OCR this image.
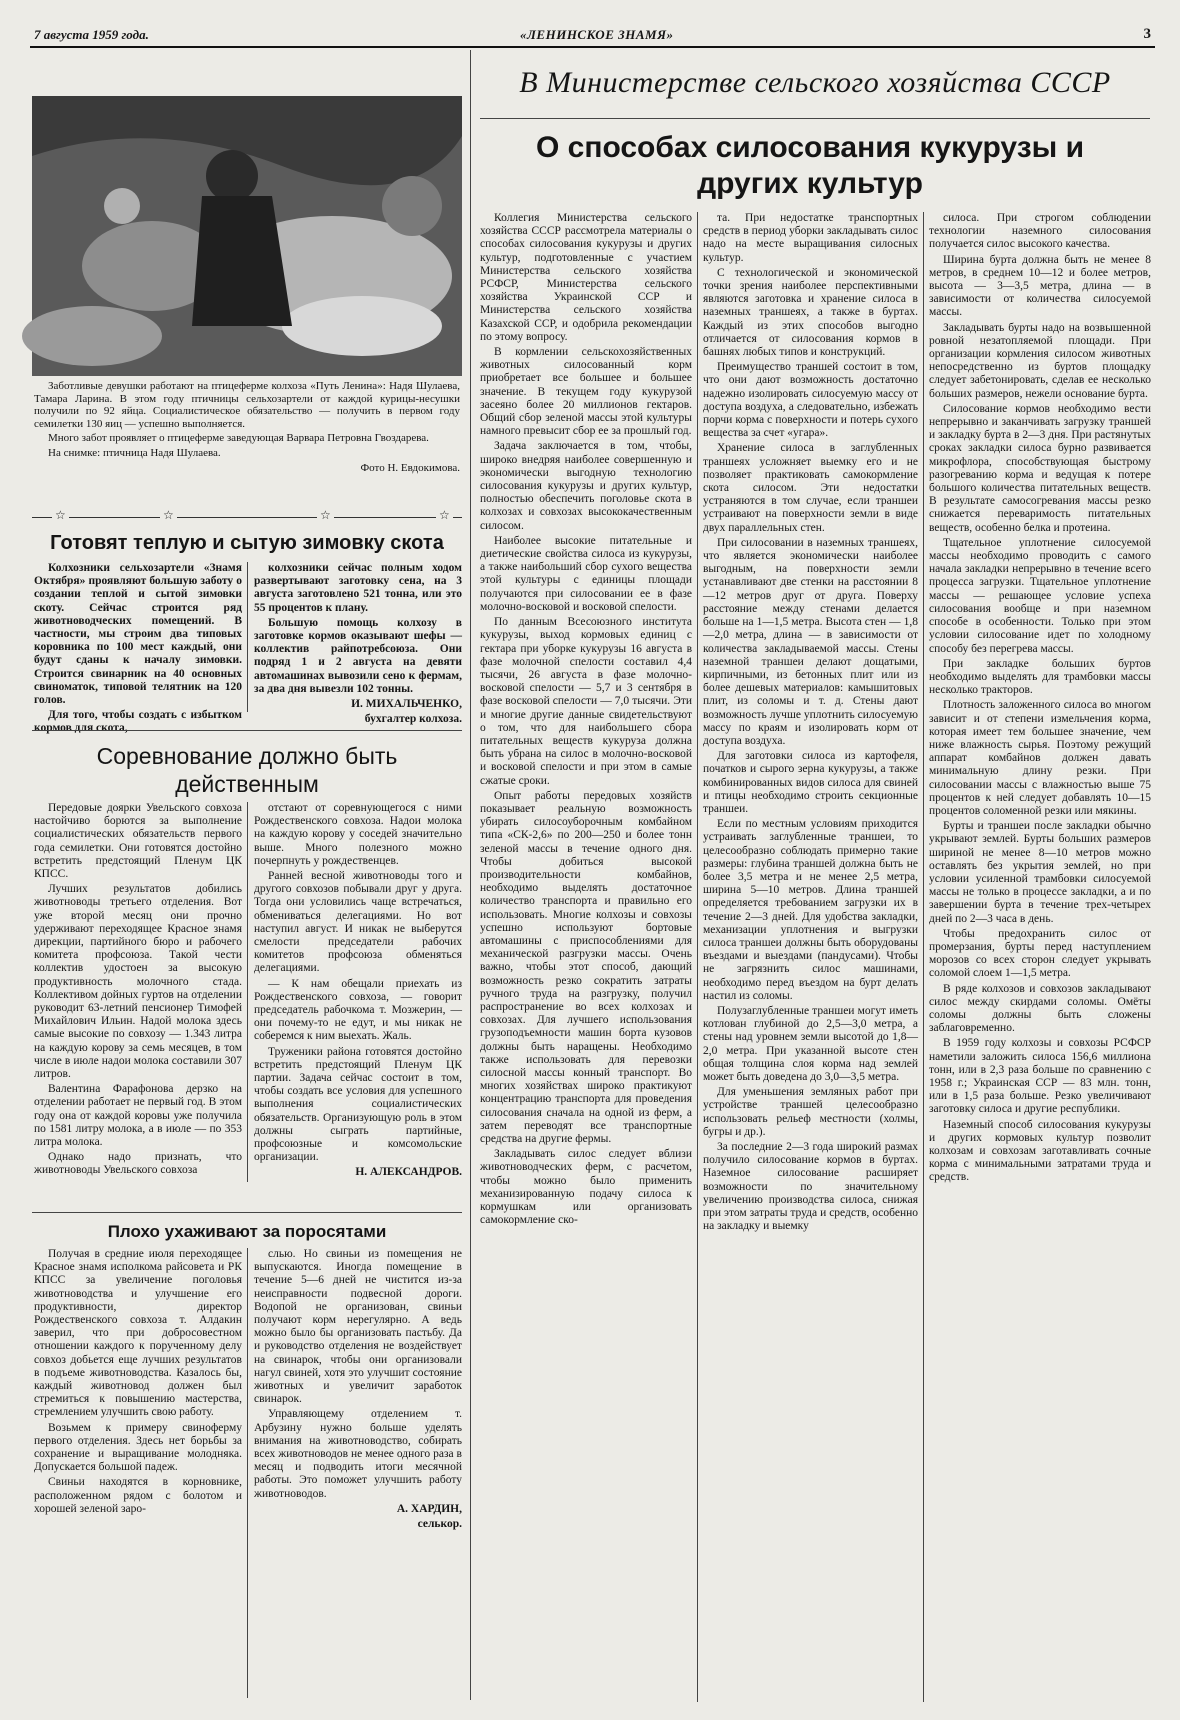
7 августа 1959 года.	«ЛЕНИНСКОЕ ЗНАМЯ»	3

Заботливые девушки работают на птицеферме колхоза «Путь Ленина»: Надя Шулаева, Тамара Ларина. В этом году птичницы сельхозартели от каждой курицы-несушки получили по 92 яйца. Социалистическое обязательство — получить в первом году семилетки 130 яиц — успешно выполняется.

Много забот проявляет о птицеферме заведующая Варвара Петровна Гвоздарева.

На снимке: птичница Надя Шулаева.

Фото Н. Евдокимова.

☆	☆	☆	☆
Готовят теплую и сытую зимовку скота

Колхозники сельхозартели «Знамя Октября» проявляют большую заботу о создании теплой и сытой зимовки скоту. Сейчас строится ряд животноводческих помещений. В частности, мы строим два типовых коровника по 100 мест каждый, они будут сданы к началу зимовки. Строится свинарник на 40 основных свиноматок, типовой телятник на 120 голов.

Для того, чтобы создать с избытком кормов для скота,

колхозники сейчас полным ходом развертывают заготовку сена, на 3 августа заготовлено 521 тонна, или это 55 процентов к плану.

Большую помощь колхозу в заготовке кормов оказывают шефы — коллектив райпотребсоюза. Они подряд 1 и 2 августа на девяти автомашинах вывозили сено к фермам, за два дня вывезли 102 тонны.

И. МИХАЛЬЧЕНКО,

бухгалтер колхоза.

Соревнование должно быть действенным

Передовые доярки Увельского совхоза настойчиво борются за выполнение социалистических обязательств первого года семилетки. Они готовятся достойно встретить предстоящий Пленум ЦК КПСС.

Лучших результатов добились животноводы третьего отделения. Вот уже второй месяц они прочно удерживают переходящее Красное знамя дирекции, партийного бюро и рабочего комитета профсоюза. Такой чести коллектив удостоен за высокую продуктивность молочного стада. Коллективом дойных гуртов на отделении руководит 63-летний пенсионер Тимофей Михайлович Ильин. Надой молока здесь самые высокие по совхозу — 1.343 литра на каждую корову за семь месяцев, в том числе в июле надои молока составили 307 литров.

Валентина Фарафонова дерзко на отделении работает не первый год. В этом году она от каждой коровы уже получила по 1581 литру молока, а в июле — по 353 литра молока.

Однако надо признать, что животноводы Увельского совхоза

отстают от соревнующегося с ними Рождественского совхоза. Надои молока на каждую корову у соседей значительно выше. Много полезного можно почерпнуть у рождественцев.

Ранней весной животноводы того и другого совхозов побывали друг у друга. Тогда они условились чаще встречаться, обмениваться делегациями. Но вот наступил август. И никак не выберутся смелости председатели рабочих комитетов профсоюза обменяться делегациями.

— К нам обещали приехать из Рождественского совхоза, — говорит председатель рабочкома т. Мозжерин, — они почему-то не едут, и мы никак не соберемся к ним выехать. Жаль.

Труженики района готовятся достойно встретить предстоящий Пленум ЦК партии. Задача сейчас состоит в том, чтобы создать все условия для успешного выполнения социалистических обязательств. Организующую роль в этом должны сыграть партийные, профсоюзные и комсомольские организации.

Н. АЛЕКСАНДРОВ.

Плохо ухаживают за поросятами

Получая в средние июля переходящее Красное знамя исполкома райсовета и РК КПСС за увеличение поголовья животноводства и улучшение его продуктивности, директор Рождественского совхоза т. Алдакин заверил, что при добросовестном отношении каждого к порученному делу совхоз добьется еще лучших результатов в подъеме животноводства. Казалось бы, каждый животновод должен был стремиться к повышению мастерства, стремлением улучшить свою работу.

Возьмем к примеру свиноферму первого отделения. Здесь нет борьбы за сохранение и выращивание молодняка. Допускается большой падеж.

Свиньи находятся в корновнике, расположенном рядом с болотом и хорошей зеленой заро-

слью. Но свиньи из помещения не выпускаются. Иногда помещение в течение 5—6 дней не чистится из-за неисправности подвесной дороги. Водопой не организован, свиньи получают корм нерегулярно. А ведь можно было бы организовать пастьбу. Да и руководство отделения не воздействует на свинарок, чтобы они организовали нагул свиней, хотя это улучшит состояние животных и увеличит заработок свинарок.

Управляющему отделением т. Арбузину нужно больше уделять внимания на животноводство, собирать всех животноводов не менее одного раза в месяц и подводить итоги месячной работы. Это поможет улучшить работу животноводов.

А. ХАРДИН,

селькор.

В Министерстве сельского хозяйства СССР
О способах силосования кукурузы и других культур

Коллегия Министерства сельского хозяйства СССР рассмотрела материалы о способах силосования кукурузы и других культур, подготовленные с участием Министерства сельского хозяйства РСФСР, Министерства сельского хозяйства Украинской ССР и Министерства сельского хозяйства Казахской ССР, и одобрила рекомендации по этому вопросу.

В кормлении сельскохозяйственных животных силосованный корм приобретает все большее и большее значение. В текущем году кукурузой засеяно более 20 миллионов гектаров. Общий сбор зеленой массы этой культуры намного превысит сбор ее за прошлый год.

Задача заключается в том, чтобы, широко внедряя наиболее совершенную и экономически выгодную технологию силосования кукурузы и других культур, полностью обеспечить поголовье скота в колхозах и совхозах высококачественным силосом.

Наиболее высокие питательные и диетические свойства силоса из кукурузы, а также наибольший сбор сухого вещества этой культуры с единицы площади получаются при силосовании ее в фазе молочно-восковой и восковой спелости.

По данным Всесоюзного института кукурузы, выход кормовых единиц с гектара при уборке кукурузы 16 августа в фазе молочной спелости составил 4,4 тысячи, 26 августа в фазе молочно-восковой спелости — 5,7 и 3 сентября в фазе восковой спелости — 7,0 тысячи. Эти и многие другие данные свидетельствуют о том, что для наибольшего сбора питательных веществ кукуруза должна быть убрана на силос в молочно-восковой и восковой спелости и при этом в самые сжатые сроки.

Опыт работы передовых хозяйств показывает реальную возможность убирать силосоуборочным комбайном типа «СК-2,6» по 200—250 и более тонн зеленой массы в течение одного дня. Чтобы добиться высокой производительности комбайнов, необходимо выделять достаточное количество транспорта и правильно его использовать. Многие колхозы и совхозы успешно используют бортовые автомашины с приспособлениями для механической разгрузки массы. Очень важно, чтобы этот способ, дающий возможность резко сократить затраты ручного труда на разгрузку, получил распространение во всех колхозах и совхозах. Для лучшего использования грузоподъемности машин борта кузовов должны быть наращены. Необходимо также использовать для перевозки силосной массы конный транспорт. Во многих хозяйствах широко практикуют концентрацию транспорта для проведения силосования сначала на одной из ферм, а затем переводят все транспортные средства на другие фермы.

Закладывать силос следует вблизи животноводческих ферм, с расчетом, чтобы можно было применить механизированную подачу силоса к кормушкам или организовать самокормление ско-

та. При недостатке транспортных средств в период уборки закладывать силос надо на месте выращивания силосных культур.

С технологической и экономической точки зрения наиболее перспективными являются заготовка и хранение силоса в наземных траншеях, а также в буртах. Каждый из этих способов выгодно отличается от силосования кормов в башнях любых типов и конструкций.

Преимущество траншей состоит в том, что они дают возможность достаточно надежно изолировать силосуемую массу от доступа воздуха, а следовательно, избежать порчи корма с поверхности и потерь сухого вещества за счет «угара».

Хранение силоса в заглубленных траншеях усложняет выемку его и не позволяет практиковать самокормление скота силосом. Эти недостатки устраняются в том случае, если траншеи устраивают на поверхности земли в виде двух параллельных стен.

При силосовании в наземных траншеях, что является экономически наиболее выгодным, на поверхности земли устанавливают две стенки на расстоянии 8—12 метров друг от друга. Поверху расстояние между стенами делается больше на 1—1,5 метра. Высота стен — 1,8—2,0 метра, длина — в зависимости от количества закладываемой массы. Стены наземной траншеи делают дощатыми, кирпичными, из бетонных плит или из более дешевых материалов: камышитовых плит, из соломы и т. д. Стены дают возможность лучше уплотнить силосуемую массу по краям и изолировать корм от доступа воздуха.

Для заготовки силоса из картофеля, початков и сырого зерна кукурузы, а также комбинированных видов силоса для свиней и птицы необходимо строить секционные траншеи.

Если по местным условиям приходится устраивать заглубленные траншеи, то целесообразно соблюдать примерно такие размеры: глубина траншей должна быть не более 3,5 метра и не менее 2,5 метра, ширина 5—10 метров. Длина траншей определяется требованием загрузки их в течение 2—3 дней. Для удобства закладки, механизации уплотнения и выгрузки силоса траншеи должны быть оборудованы въездами и выездами (пандусами). Чтобы не загрязнить силос машинами, необходимо перед въездом на бурт делать настил из соломы.

Полузаглубленные траншеи могут иметь котлован глубиной до 2,5—3,0 метра, а стены над уровнем земли высотой до 1,8—2,0 метра. При указанной высоте стен общая толщина слоя корма над землей может быть доведена до 3,0—3,5 метра.

Для уменьшения земляных работ при устройстве траншей целесообразно использовать рельеф местности (холмы, бугры и др.).

За последние 2—3 года широкий размах получило силосование кормов в буртах. Наземное силосование расширяет возможности по значительному увеличению производства силоса, снижая при этом затраты труда и средств, особенно на закладку и выемку

силоса. При строгом соблюдении технологии наземного силосования получается силос высокого качества.

Ширина бурта должна быть не менее 8 метров, в среднем 10—12 и более метров, высота — 3—3,5 метра, длина — в зависимости от количества силосуемой массы.

Закладывать бурты надо на возвышенной ровной незатопляемой площади. При организации кормления силосом животных непосредственно из буртов площадку следует забетонировать, сделав ее несколько больших размеров, нежели основание бурта.

Силосование кормов необходимо вести непрерывно и заканчивать загрузку траншей и закладку бурта в 2—3 дня. При растянутых сроках закладки силоса бурно развивается микрофлора, способствующая быстрому разогреванию корма и ведущая к потере большого количества питательных веществ. В результате самосогревания массы резко снижается переваримость питательных веществ, особенно белка и протеина.

Тщательное уплотнение силосуемой массы необходимо проводить с самого начала закладки непрерывно в течение всего процесса загрузки. Тщательное уплотнение массы — решающее условие успеха силосования вообще и при наземном способе в особенности. Только при этом условии силосование идет по холодному способу без перегрева массы.

При закладке больших буртов необходимо выделять для трамбовки массы несколько тракторов.

Плотность заложенного силоса во многом зависит и от степени измельчения корма, которая имеет тем большее значение, чем ниже влажность сырья. Поэтому режущий аппарат комбайнов должен давать минимальную длину резки. При силосовании массы с влажностью выше 75 процентов к ней следует добавлять 10—15 процентов соломенной резки или мякины.

Бурты и траншеи после закладки обычно укрывают землей. Бурты больших размеров шириной не менее 8—10 метров можно оставлять без укрытия землей, но при условии усиленной трамбовки силосуемой массы не только в процессе закладки, а и по завершении бурта в течение трех-четырех дней по 2—3 часа в день.

Чтобы предохранить силос от промерзания, бурты перед наступлением морозов со всех сторон следует укрывать соломой слоем 1—1,5 метра.

В ряде колхозов и совхозов закладывают силос между скирдами соломы. Омёты соломы должны быть сложены заблаговременно.

В 1959 году колхозы и совхозы РСФСР наметили заложить силоса 156,6 миллиона тонн, или в 2,3 раза больше по сравнению с 1958 г.; Украинская ССР — 83 млн. тонн, или в 1,5 раза больше. Резко увеличивают заготовку силоса и другие республики.

Наземный способ силосования кукурузы и других кормовых культур позволит колхозам и совхозам заготавливать сочные корма с минимальными затратами труда и средств.
